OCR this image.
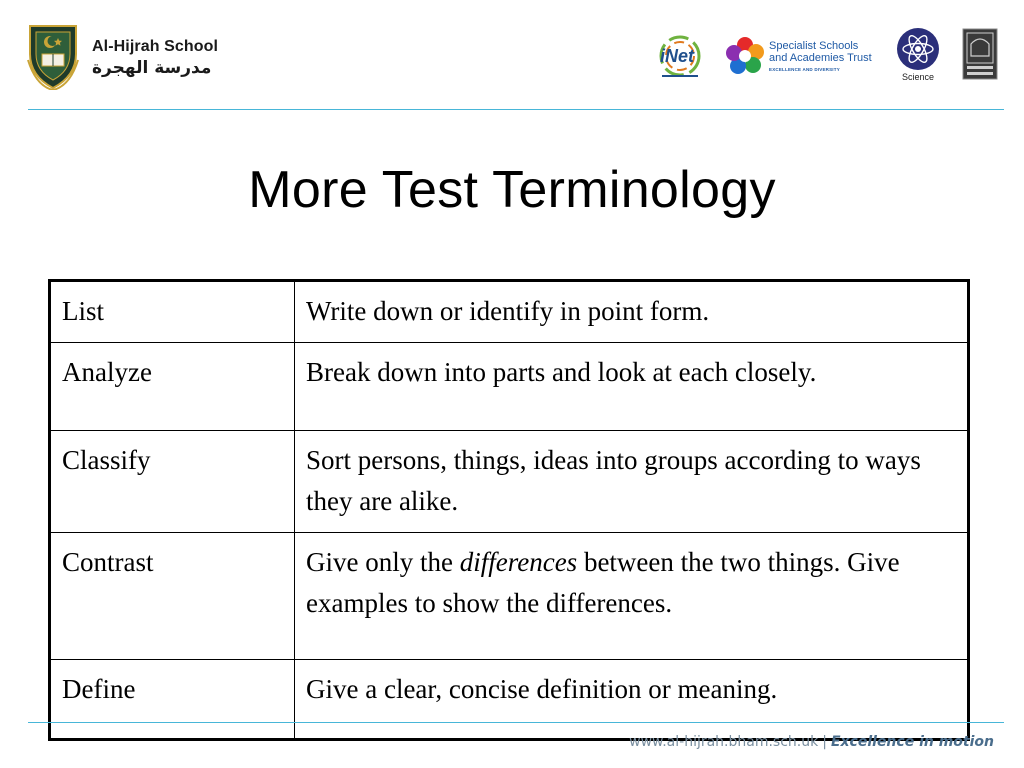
Al-Hijrah School
مدرسة الهجرة
iNet	Specialist Schools
and Academies Trust
EXCELLENCE AND DIVERSITY
Science
More Test Terminology
List	Write down or identify in point form.
Analyze	Break down into parts and look at each closely.
Classify	Sort persons, things, ideas into groups according to ways they are alike.
Contrast	Give only the differences between the two things. Give examples to show the differences.
Define	Give a clear, concise definition or meaning.
www.al-hijrah.bham.sch.uk | Excellence in motion
